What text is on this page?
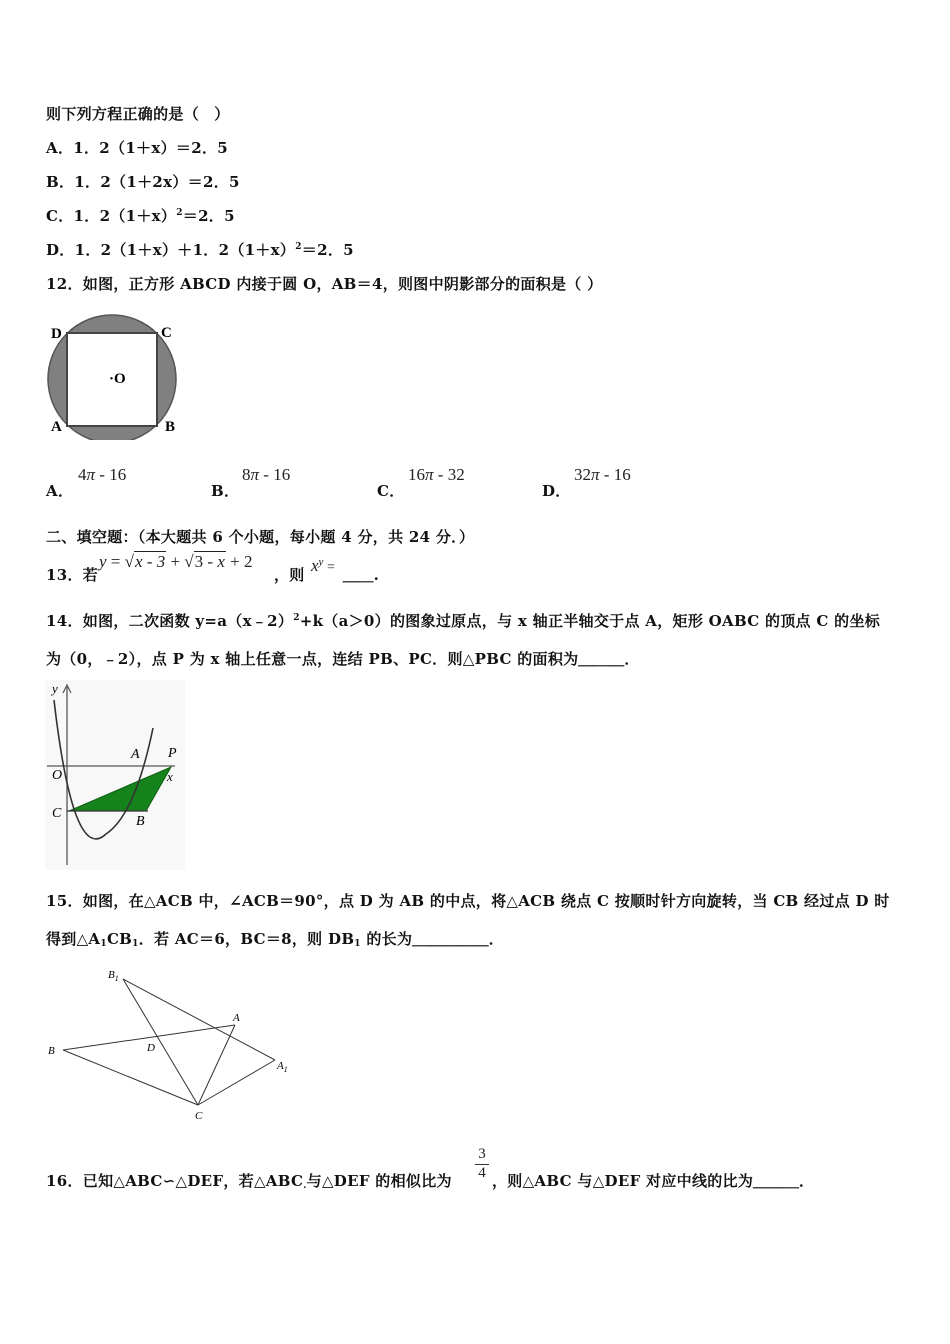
则下列方程正确的是（　）
A．1．2（1＋x）＝2．5
B．1．2（1＋2x）＝2．5
C．1．$2(1+x)^2=2$．5
D．1．2（1＋x）＋1．$2(1+x)^2=2$．5
12．如图，正方形 ABCD 内接于圆 O，AB＝4，则图中阴影部分的面积是（ ）
D	C
A	B
·O
A．
4π - 16
B．
8π - 16
C．
16π - 32
D．
32π - 16
二、填空题：（本大题共 6 个小题，每小题 4 分，共 24 分．）
13．若
y = √x - 3 + √3 - x + 2
，则 $x^y$ = ＿＿.
14．如图，二次函数 y=a（x﹣2）$^2$+k（a＞0）的图象过原点，与 x 轴正半轴交于点 A，矩形 OABC 的顶点 C 的坐标
为（0，﹣2），点 P 为 x 轴上任意一点，连结 PB、PC．则△PBC 的面积为＿＿＿．
y
x
O
A P
C
B
15．如图，在△ACB 中，∠ACB＝90°，点 D 为 AB 的中点，将△ACB 绕点 C 按顺时针方向旋转，当 CB 经过点 D 时
得到$\triangle A_1CB_1$．若 AC＝6，BC＝8，则 $DB_1$ 的长为＿＿＿＿＿．
$B_1$
A
B	D
$A_1$
C
16．已知△ABC∽△DEF，若$\triangle ABC_.$与△DEF 的相似比为 $\frac{3}{4}$ ，则△ABC 与△DEF 对应中线的比为＿＿＿．
